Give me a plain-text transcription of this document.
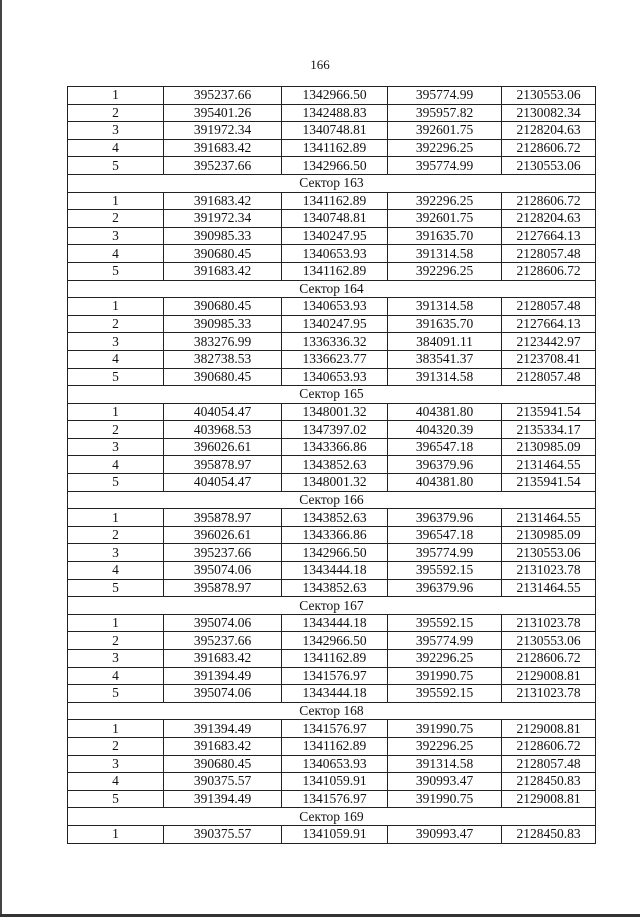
166
1	395237.66	1342966.50	395774.99	2130553.06
2	395401.26	1342488.83	395957.82	2130082.34
3	391972.34	1340748.81	392601.75	2128204.63
4	391683.42	1341162.89	392296.25	2128606.72
5	395237.66	1342966.50	395774.99	2130553.06
Сектор 163				
1	391683.42	1341162.89	392296.25	2128606.72
2	391972.34	1340748.81	392601.75	2128204.63
3	390985.33	1340247.95	391635.70	2127664.13
4	390680.45	1340653.93	391314.58	2128057.48
5	391683.42	1341162.89	392296.25	2128606.72
Сектор 164				
1	390680.45	1340653.93	391314.58	2128057.48
2	390985.33	1340247.95	391635.70	2127664.13
3	383276.99	1336336.32	384091.11	2123442.97
4	382738.53	1336623.77	383541.37	2123708.41
5	390680.45	1340653.93	391314.58	2128057.48
Сектор 165				
1	404054.47	1348001.32	404381.80	2135941.54
2	403968.53	1347397.02	404320.39	2135334.17
3	396026.61	1343366.86	396547.18	2130985.09
4	395878.97	1343852.63	396379.96	2131464.55
5	404054.47	1348001.32	404381.80	2135941.54
Сектор 166				
1	395878.97	1343852.63	396379.96	2131464.55
2	396026.61	1343366.86	396547.18	2130985.09
3	395237.66	1342966.50	395774.99	2130553.06
4	395074.06	1343444.18	395592.15	2131023.78
5	395878.97	1343852.63	396379.96	2131464.55
Сектор 167				
1	395074.06	1343444.18	395592.15	2131023.78
2	395237.66	1342966.50	395774.99	2130553.06
3	391683.42	1341162.89	392296.25	2128606.72
4	391394.49	1341576.97	391990.75	2129008.81
5	395074.06	1343444.18	395592.15	2131023.78
Сектор 168				
1	391394.49	1341576.97	391990.75	2129008.81
2	391683.42	1341162.89	392296.25	2128606.72
3	390680.45	1340653.93	391314.58	2128057.48
4	390375.57	1341059.91	390993.47	2128450.83
5	391394.49	1341576.97	391990.75	2129008.81
Сектор 169				
1	390375.57	1341059.91	390993.47	2128450.83
